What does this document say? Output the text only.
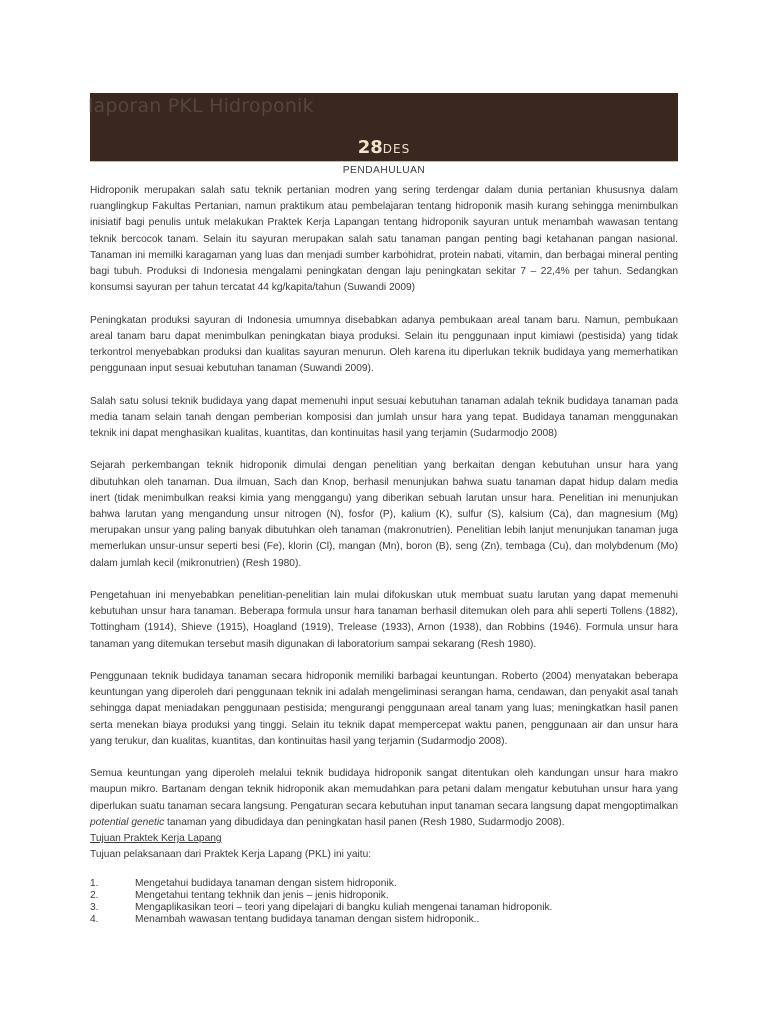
laporan PKL Hidroponik
28DES
PENDAHULUAN

Hidroponik merupakan salah satu teknik pertanian modren yang sering terdengar dalam dunia pertanian khususnya dalam ruanglingkup Fakultas Pertanian, namun praktikum atau pembelajaran tentang hidroponik masih kurang sehingga menimbulkan inisiatif bagi penulis untuk melakukan Praktek Kerja Lapangan tentang hidroponik sayuran untuk menambah wawasan tentang teknik bercocok tanam. Selain itu sayuran merupakan salah satu tanaman pangan penting bagi ketahanan pangan nasional. Tanaman ini memilki karagaman yang luas dan menjadi sumber karbohidrat, protein nabati, vitamin, dan berbagai mineral penting bagi tubuh. Produksi di Indonesia mengalami peningkatan dengan laju peningkatan sekitar 7 – 22,4% per tahun. Sedangkan konsumsi sayuran per tahun tercatat 44 kg/kapita/tahun (Suwandi 2009)

Peningkatan produksi sayuran di Indonesia umumnya disebabkan adanya pembukaan areal tanam baru. Namun, pembukaan areal tanam baru dapat menimbulkan peningkatan biaya produksi. Selain itu penggunaan input kimiawi (pestisida) yang tidak terkontrol menyebabkan produksi dan kualitas sayuran menurun. Oleh karena itu diperlukan teknik budidaya yang memerhatikan penggunaan input sesuai kebutuhan tanaman (Suwandi 2009).

Salah satu solusi teknik budidaya yang dapat memenuhi input sesuai kebutuhan tanaman adalah teknik budidaya tanaman pada media tanam selain tanah dengan pemberian komposisi dan jumlah unsur hara yang tepat. Budidaya tanaman menggunakan teknik ini dapat menghasikan kualitas, kuantitas, dan kontinuitas hasil yang terjamin (Sudarmodjo 2008)

Sejarah perkembangan teknik hidroponik dimulai dengan penelitian yang berkaitan dengan kebutuhan unsur hara yang dibutuhkan oleh tanaman. Dua ilmuan, Sach dan Knop, berhasil menunjukan bahwa suatu tanaman dapat hidup dalam media inert (tidak menimbulkan reaksi kimia yang menggangu) yang diberikan sebuah larutan unsur hara. Penelitian ini menunjukan bahwa larutan yang mengandung unsur nitrogen (N), fosfor (P), kalium (K), sulfur (S), kalsium (Ca), dan magnesium (Mg) merupakan unsur yang paling banyak dibutuhkan oleh tanaman (makronutrien). Penelitian lebih lanjut menunjukan tanaman juga memerlukan unsur-unsur seperti besi (Fe), klorin (Cl), mangan (Mn), boron (B), seng (Zn), tembaga (Cu), dan molybdenum (Mo) dalam jumlah kecil (mikronutrien) (Resh 1980).

Pengetahuan ini menyebabkan penelitian-penelitian lain mulai difokuskan utuk membuat suatu larutan yang dapat memenuhi kebutuhan unsur hara tanaman. Beberapa formula unsur hara tanaman berhasil ditemukan oleh para ahli seperti Tollens (1882), Tottingham (1914), Shieve (1915), Hoagland (1919), Trelease (1933), Arnon (1938), dan Robbins (1946). Formula unsur hara tanaman yang ditemukan tersebut masih digunakan di laboratorium sampai sekarang (Resh 1980).

Penggunaan teknik budidaya tanaman secara hidroponik memiliki barbagai keuntungan. Roberto (2004) menyatakan beberapa keuntungan yang diperoleh dari penggunaan teknik ini adalah mengeliminasi serangan hama, cendawan, dan penyakit asal tanah sehingga dapat meniadakan penggunaan pestisida; mengurangi penggunaan areal tanam yang luas; meningkatkan hasil panen serta menekan biaya produksi yang tinggi. Selain itu teknik dapat mempercepat waktu panen, penggunaan air dan unsur hara yang terukur, dan kualitas, kuantitas, dan kontinuitas hasil yang terjamin (Sudarmodjo 2008).

Semua keuntungan yang diperoleh melalui teknik budidaya hidroponik sangat ditentukan oleh kandungan unsur hara makro maupun mikro. Bartanam dengan teknik hidroponik akan memudahkan para petani dalam mengatur kebutuhan unsur hara yang diperlukan suatu tanaman secara langsung. Pengaturan secara kebutuhan input tanaman secara langsung dapat mengoptimalkan potential genetic tanaman yang dibudidaya dan peningkatan hasil panen (Resh 1980, Sudarmodjo 2008).

Tujuan Praktek Kerja Lapang

Tujuan pelaksanaan dari Praktek Kerja Lapang (PKL) ini yaitu:

1.	Mengetahui budidaya tanaman dengan sistem hidroponik.
2.	Mengetahui tentang tekhnik dan jenis – jenis hidroponik.
3.	Mengaplikasikan teori – teori yang dipelajari di bangku kuliah mengenai tanaman hidroponik.
4.	Menambah wawasan tentang budidaya tanaman dengan sistem hidroponik..
